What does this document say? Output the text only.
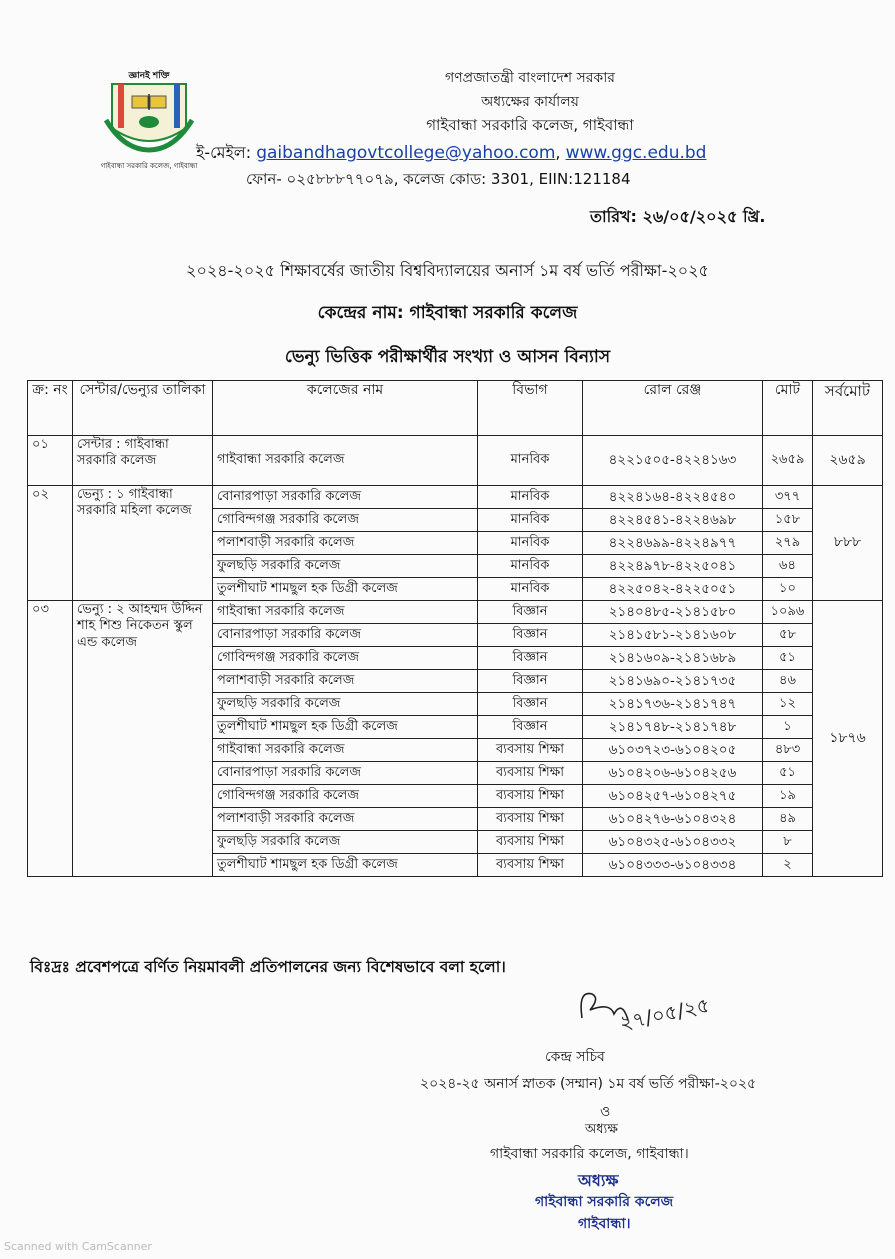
জ্ঞানই শক্তি
গাইবান্ধা সরকারি কলেজ, গাইবান্ধা
গণপ্রজাতন্ত্রী বাংলাদেশ সরকার
অধ্যক্ষের কার্যালয়
গাইবান্ধা সরকারি কলেজ, গাইবান্ধা
ই-মেইল: gaibandhagovtcollege@yahoo.com, www.ggc.edu.bd
ফোন- ০২৫৮৮৮৭৭০৭৯, কলেজ কোড: 3301, EIIN:121184
তারিখ: ২৬/০৫/২০২৫ খ্রি.
২০২৪-২০২৫ শিক্ষাবর্ষের জাতীয় বিশ্ববিদ্যালয়ের অনার্স ১ম বর্ষ ভর্তি পরীক্ষা-২০২৫
কেন্দ্রের নাম: গাইবান্ধা সরকারি কলেজ
ভেন্যু ভিত্তিক পরীক্ষার্থীর সংখ্যা ও আসন বিন্যাস
ক্র: নং	সেন্টার/ভেন্যুর তালিকা	কলেজের নাম	বিভাগ	রোল রেঞ্জ	মোট	সর্বমোট
০১	সেন্টার : গাইবান্ধা সরকারি কলেজ	গাইবান্ধা সরকারি কলেজ	মানবিক	৪২২১৫০৫-৪২২৪১৬৩	২৬৫৯	২৬৫৯
০২	ভেন্যু : ১ গাইবান্ধা সরকারি মহিলা কলেজ	বোনারপাড়া সরকারি কলেজ	মানবিক	৪২২৪১৬৪-৪২২৪৫৪০	৩৭৭	৮৮৮
		গোবিন্দগঞ্জ সরকারি কলেজ	মানবিক	৪২২৪৫৪১-৪২২৪৬৯৮	১৫৮	
		পলাশবাড়ী সরকারি কলেজ	মানবিক	৪২২৪৬৯৯-৪২২৪৯৭৭	২৭৯	
		ফুলছড়ি সরকারি কলেজ	মানবিক	৪২২৪৯৭৮-৪২২৫০৪১	৬৪	
		তুলশীঘাট শামছুল হক ডিগ্রী কলেজ	মানবিক	৪২২৫০৪২-৪২২৫০৫১	১০	
০৩	ভেন্যু : ২ আহম্মদ উদ্দিন শাহ শিশু নিকেতন স্কুল এন্ড কলেজ	গাইবান্ধা সরকারি কলেজ	বিজ্ঞান	২১৪০৪৮৫-২১৪১৫৮০	১০৯৬	১৮৭৬
		বোনারপাড়া সরকারি কলেজ	বিজ্ঞান	২১৪১৫৮১-২১৪১৬০৮	৫৮	
		গোবিন্দগঞ্জ সরকারি কলেজ	বিজ্ঞান	২১৪১৬০৯-২১৪১৬৮৯	৫১	
		পলাশবাড়ী সরকারি কলেজ	বিজ্ঞান	২১৪১৬৯০-২১৪১৭৩৫	৪৬	
		ফুলছড়ি সরকারি কলেজ	বিজ্ঞান	২১৪১৭৩৬-২১৪১৭৪৭	১২	
		তুলশীঘাট শামছুল হক ডিগ্রী কলেজ	বিজ্ঞান	২১৪১৭৪৮-২১৪১৭৪৮	১	
		গাইবান্ধা সরকারি কলেজ	ব্যবসায় শিক্ষা	৬১০৩৭২৩-৬১০৪২০৫	৪৮৩	
		বোনারপাড়া সরকারি কলেজ	ব্যবসায় শিক্ষা	৬১০৪২০৬-৬১০৪২৫৬	৫১	
		গোবিন্দগঞ্জ সরকারি কলেজ	ব্যবসায় শিক্ষা	৬১০৪২৫৭-৬১০৪২৭৫	১৯	
		পলাশবাড়ী সরকারি কলেজ	ব্যবসায় শিক্ষা	৬১০৪২৭৬-৬১০৪৩২৪	৪৯	
		ফুলছড়ি সরকারি কলেজ	ব্যবসায় শিক্ষা	৬১০৪৩২৫-৬১০৪৩৩২	৮	
		তুলশীঘাট শামছুল হক ডিগ্রী কলেজ	ব্যবসায় শিক্ষা	৬১০৪৩৩৩-৬১০৪৩৩৪	২	
বিঃদ্রঃ প্রবেশপত্রে বর্ণিত নিয়মাবলী প্রতিপালনের জন্য বিশেষভাবে বলা হলো।
২৭/০৫/২৫
কেন্দ্র সচিব
২০২৪-২৫ অনার্স স্নাতক (সম্মান) ১ম বর্ষ ভর্তি পরীক্ষা-২০২৫
ও
অধ্যক্ষ
গাইবান্ধা সরকারি কলেজ, গাইবান্ধা।
অধ্যক্ষ
গাইবান্ধা সরকারি কলেজ
গাইবান্ধা।
Scanned with CamScanner
